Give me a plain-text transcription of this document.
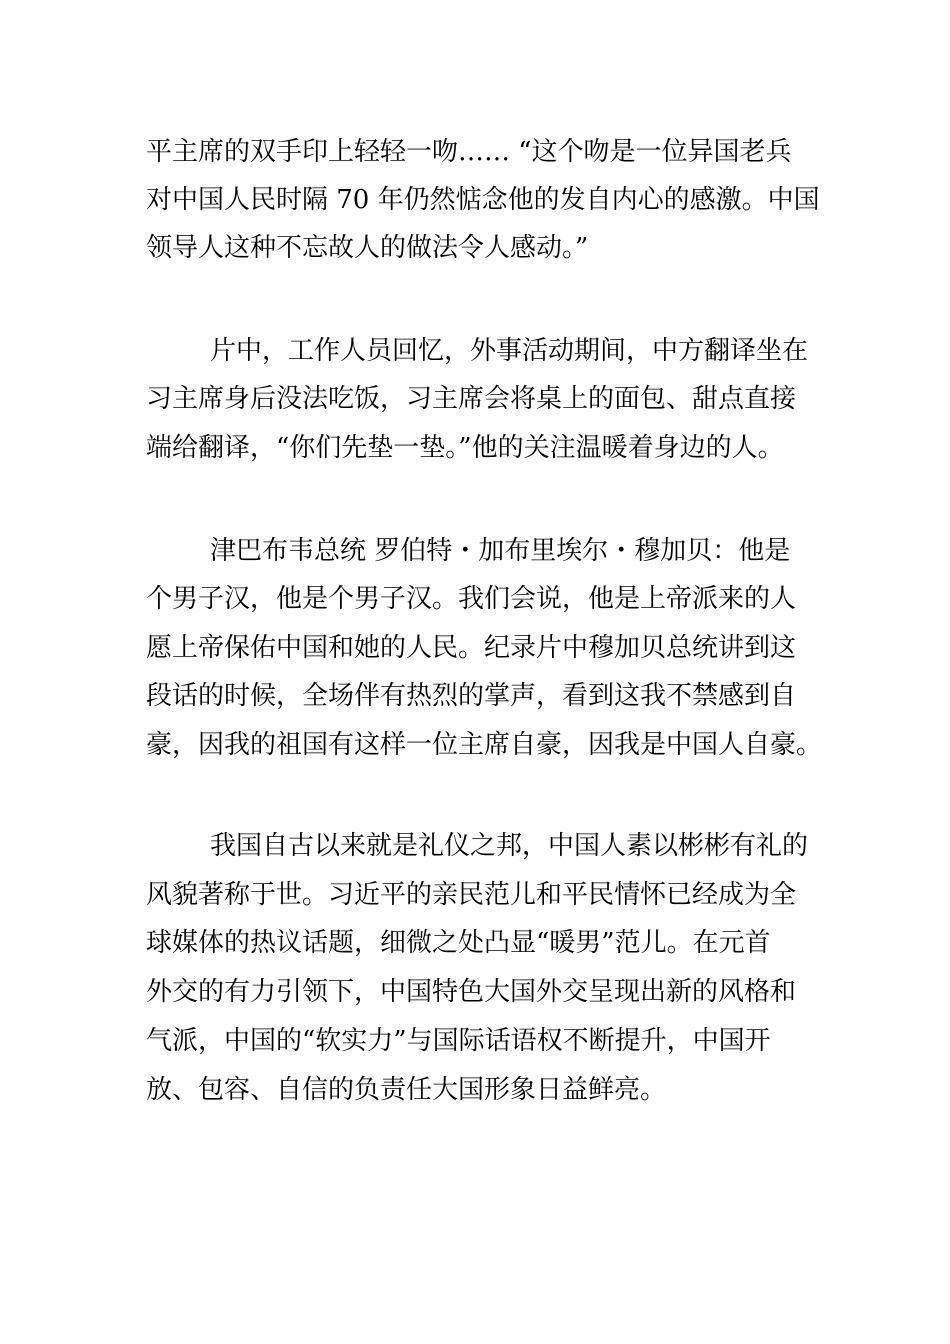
平主席的双手印上轻轻一吻…… “这个吻是一位异国老兵
对中国人民时隔 70 年仍然惦念他的发自内心的感激。中国
领导人这种不忘故人的做法令人感动。”
片中，工作人员回忆，外事活动期间，中方翻译坐在
习主席身后没法吃饭，习主席会将桌上的面包、甜点直接
端给翻译，“你们先垫一垫。”他的关注温暖着身边的人。
津巴布韦总统 罗伯特・加布里埃尔・穆加贝：他是
个男子汉，他是个男子汉。我们会说，他是上帝派来的人
愿上帝保佑中国和她的人民。纪录片中穆加贝总统讲到这
段话的时候，全场伴有热烈的掌声，看到这我不禁感到自
豪，因我的祖国有这样一位主席自豪，因我是中国人自豪。
我国自古以来就是礼仪之邦，中国人素以彬彬有礼的
风貌著称于世。习近平的亲民范儿和平民情怀已经成为全
球媒体的热议话题，细微之处凸显“暖男”范儿。在元首
外交的有力引领下，中国特色大国外交呈现出新的风格和
气派，中国的“软实力”与国际话语权不断提升，中国开
放、包容、自信的负责任大国形象日益鲜亮。
